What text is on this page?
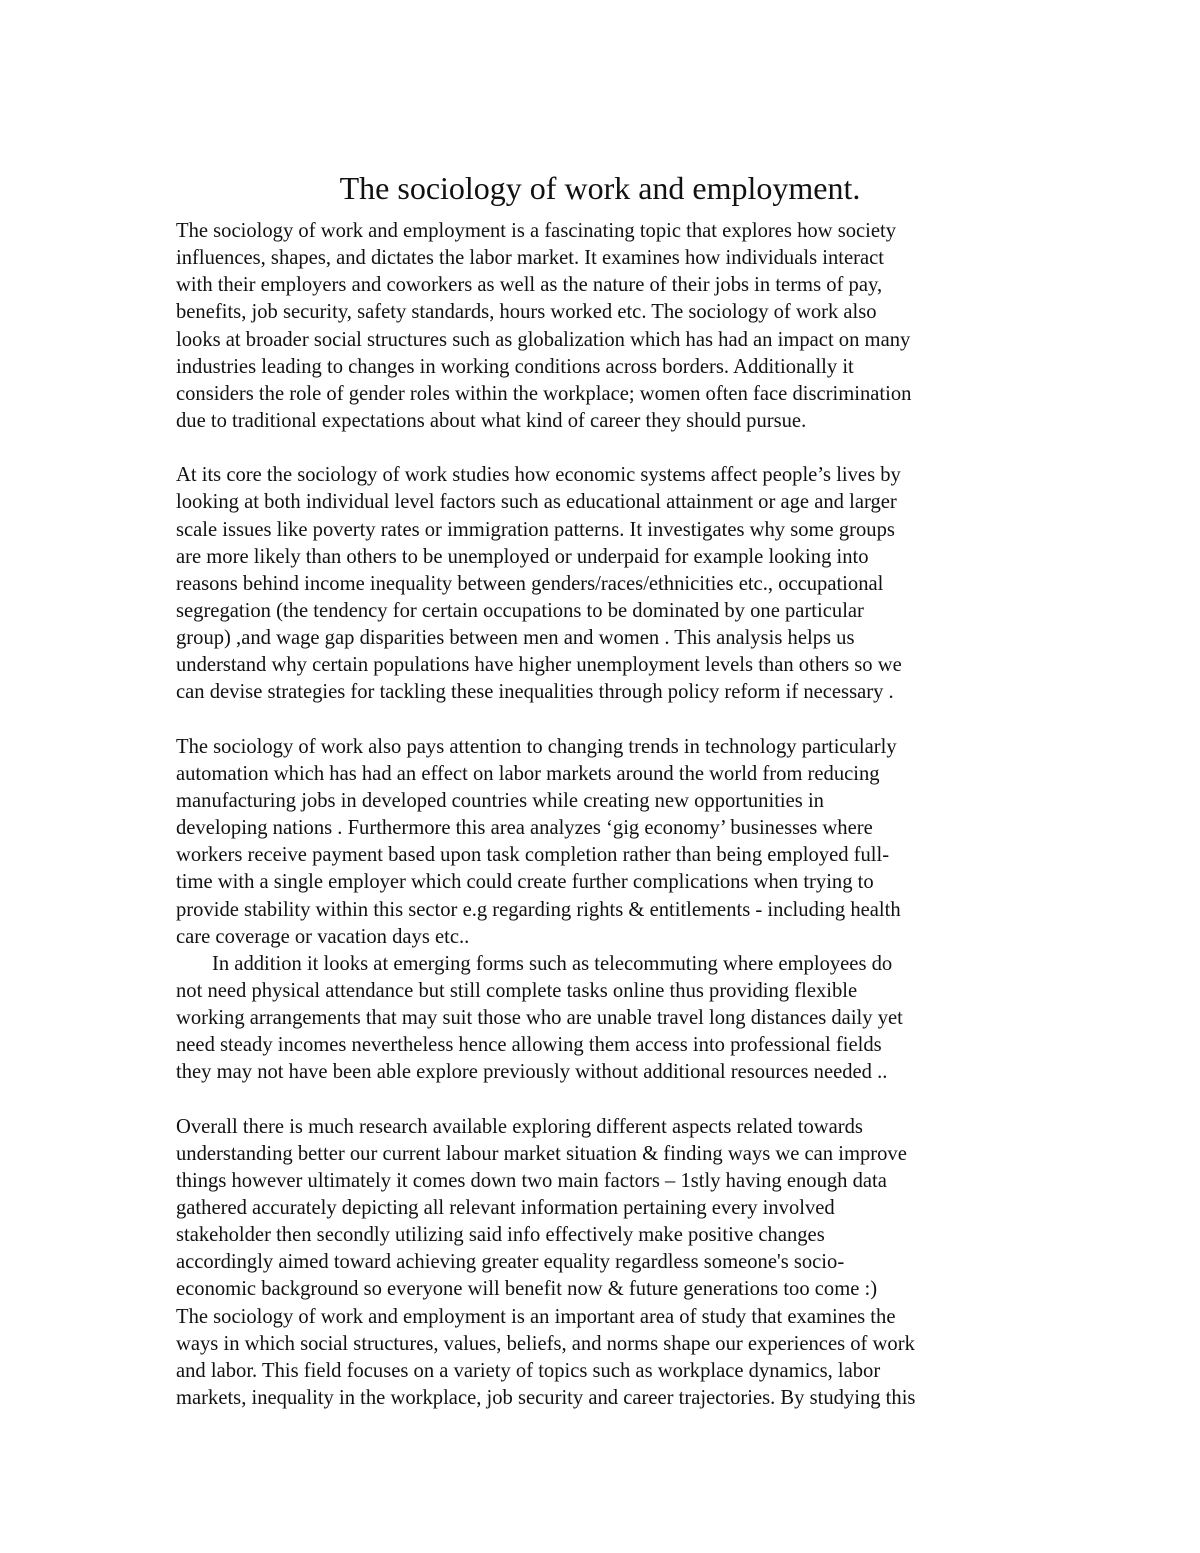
The sociology of work and employment.
The sociology of work and employment is a fascinating topic that explores how society
influences, shapes, and dictates the labor market. It examines how individuals interact
with their employers and coworkers as well as the nature of their jobs in terms of pay,
benefits, job security, safety standards, hours worked etc. The sociology of work also
looks at broader social structures such as globalization which has had an impact on many
industries leading to changes in working conditions across borders. Additionally it
considers the role of gender roles within the workplace; women often face discrimination
due to traditional expectations about what kind of career they should pursue.
At its core the sociology of work studies how economic systems affect people’s lives by
looking at both individual level factors such as educational attainment or age and larger
scale issues like poverty rates or immigration patterns. It investigates why some groups
are more likely than others to be unemployed or underpaid for example looking into
reasons behind income inequality between genders/races/ethnicities etc., occupational
segregation (the tendency for certain occupations to be dominated by one particular
group) ,and wage gap disparities between men and women . This analysis helps us
understand why certain populations have higher unemployment levels than others so we
can devise strategies for tackling these inequalities through policy reform if necessary .
The sociology of work also pays attention to changing trends in technology particularly
automation which has had an effect on labor markets around the world from reducing
manufacturing jobs in developed countries while creating new opportunities in
developing nations . Furthermore this area analyzes ‘gig economy’ businesses where
workers receive payment based upon task completion rather than being employed full-
time with a single employer which could create further complications when trying to
provide stability within this sector e.g regarding rights & entitlements - including health
care coverage or vacation days etc..
In addition it looks at emerging forms such as telecommuting where employees do
not need physical attendance but still complete tasks online thus providing flexible
working arrangements that may suit those who are unable travel long distances daily yet
need steady incomes nevertheless hence allowing them access into professional fields
they may not have been able explore previously without additional resources needed ..
Overall there is much research available exploring different aspects related towards
understanding better our current labour market situation & finding ways we can improve
things however ultimately it comes down two main factors – 1stly having enough data
gathered accurately depicting all relevant information pertaining every involved
stakeholder then secondly utilizing said info effectively make positive changes
accordingly aimed toward achieving greater equality regardless someone's socio-
economic background so everyone will benefit now & future generations too come :)
The sociology of work and employment is an important area of study that examines the
ways in which social structures, values, beliefs, and norms shape our experiences of work
and labor. This field focuses on a variety of topics such as workplace dynamics, labor
markets, inequality in the workplace, job security and career trajectories. By studying this
